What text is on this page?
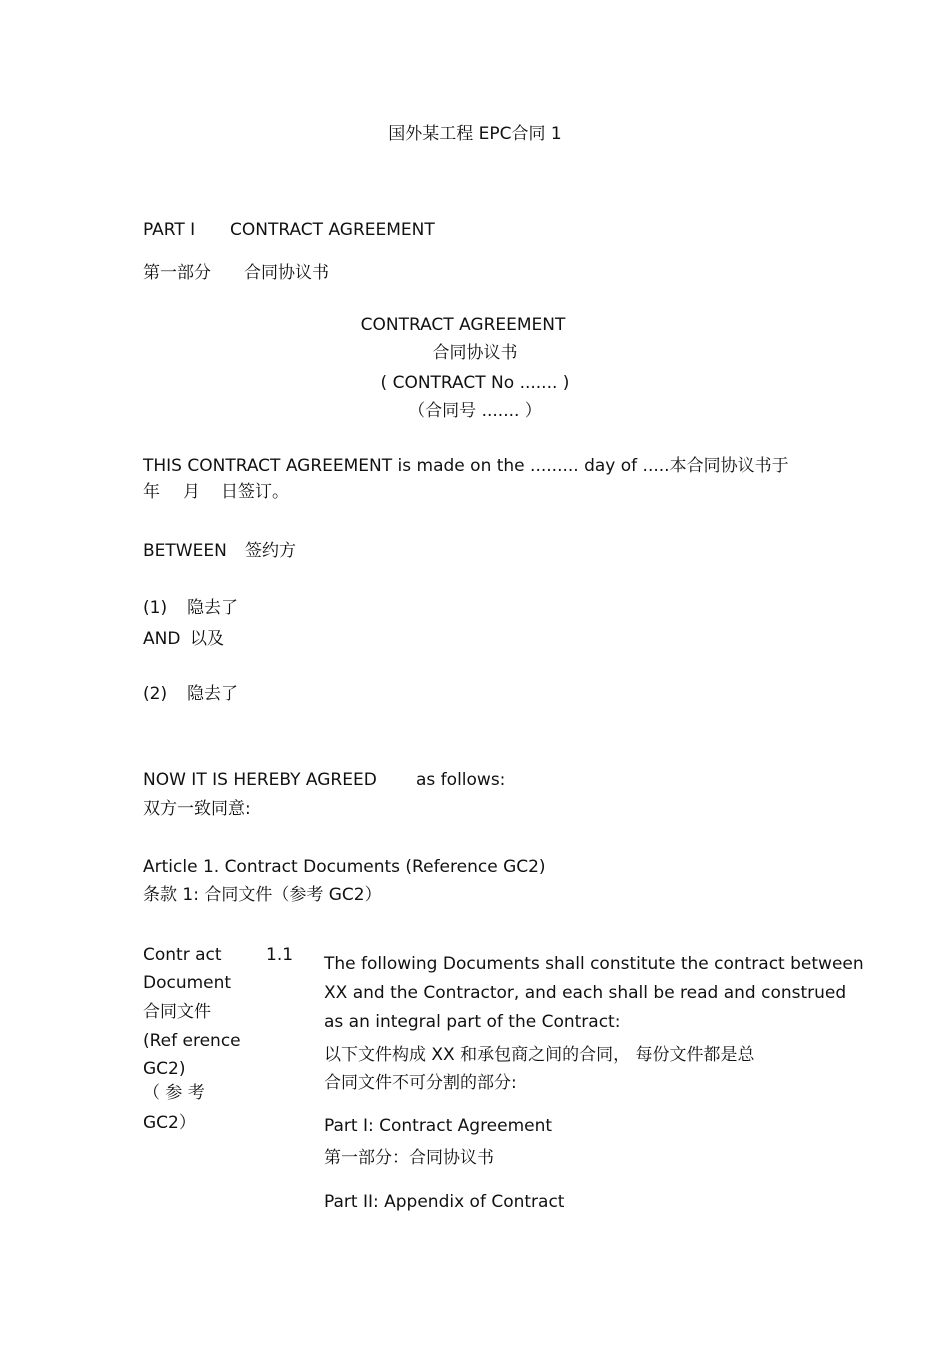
国外某工程 EPC合同 1
PART I CONTRACT AGREEMENT
第一部分 合同协议书
CONTRACT AGREEMENT
合同协议书
( CONTRACT No ....... )
（合同号 ....... ）
THIS CONTRACT AGREEMENT is made on the ......... day of .....本合同协议书于
年 月 日签订。
BETWEEN 签约方
(1) 隐去了
AND 以及
(2) 隐去了
NOW IT IS HEREBY AGREED as follows:
双方一致同意:
Article 1. Contract Documents (Reference GC2)
条款 1: 合同文件（参考 GC2）
Contr act	1.1
Document
合同文件
(Ref erence
GC2)
（ 参 考
GC2）
The following Documents shall constitute the contract between
XX and the Contractor, and each shall be read and construed
as an integral part of the Contract:
以下文件构成 XX 和承包商之间的合同， 每份文件都是总
合同文件不可分割的部分:
Part I: Contract Agreement
第一部分：合同协议书
Part II: Appendix of Contract
